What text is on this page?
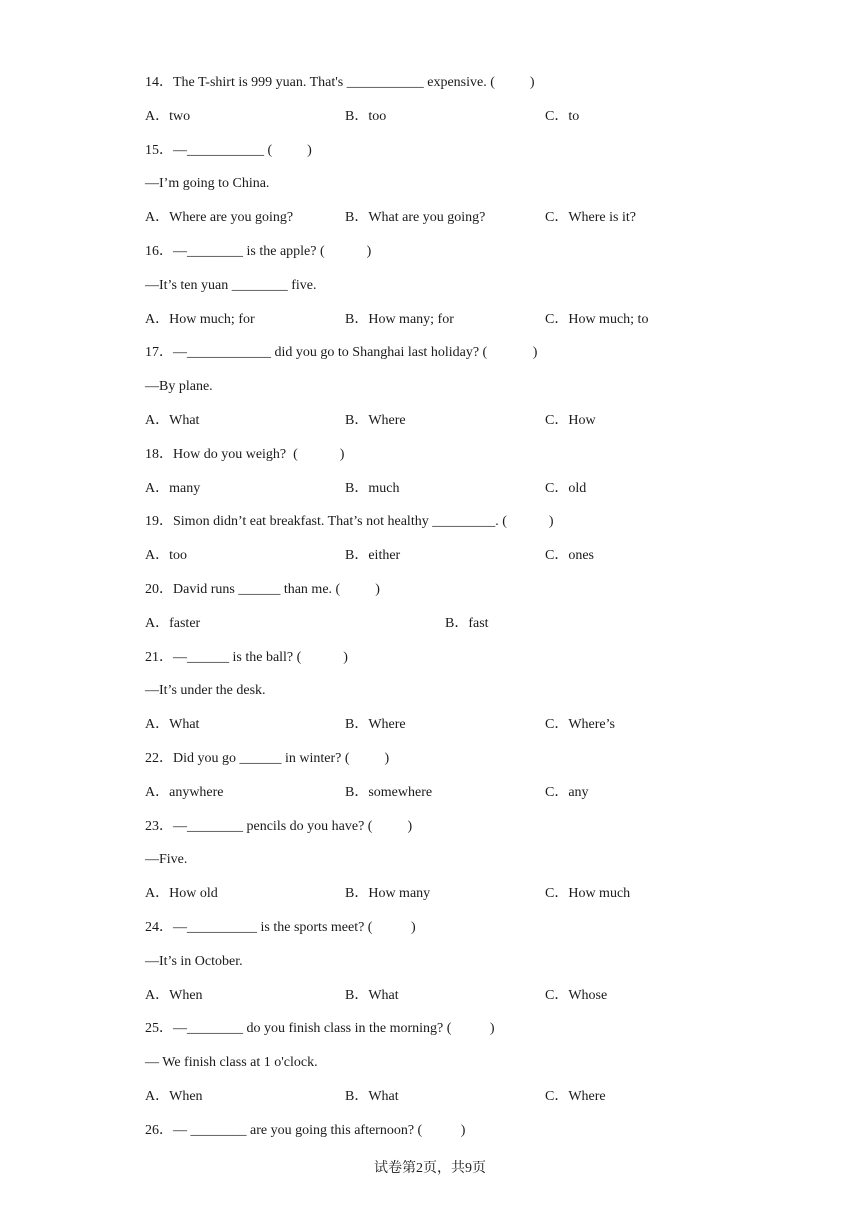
14．The T-shirt is 999 yuan. That's ___________ expensive. (          )
A．two	B．too	C．to
15．—___________ (          )
—I’m going to China.
A．Where are you going?	B．What are you going?	C．Where is it?
16．—________ is the apple? (            )
—It’s ten yuan ________ five.
A．How much; for	B．How many; for	C．How much; to
17．—____________ did you go to Shanghai last holiday? (             )
—By plane.
A．What	B．Where	C．How
18．How do you weigh?  (            )
A．many	B．much	C．old
19．Simon didn’t eat breakfast. That’s not healthy _________. (            )
A．too	B．either	C．ones
20．David runs ______ than me. (          )
A．faster	B．fast
21．—______ is the ball? (            )
—It’s under the desk.
A．What	B．Where	C．Where’s
22．Did you go ______ in winter? (          )
A．anywhere	B．somewhere	C．any
23．—________ pencils do you have? (          )
—Five.
A．How old	B．How many	C．How much
24．—__________ is the sports meet? (           )
—It’s in October.
A．When	B．What	C．Whose
25．—________ do you finish class in the morning? (           )
— We finish class at 1 o'clock.
A．When	B．What	C．Where
26．— ________ are you going this afternoon? (           )
试卷第2页，共9页
